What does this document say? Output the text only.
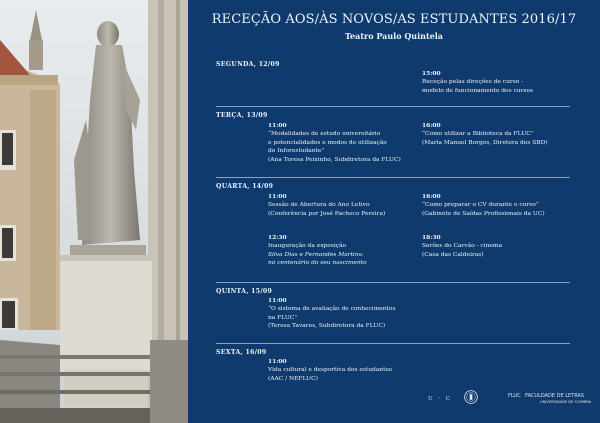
RECEÇÃO AOS/ÀS NOVOS/AS ESTUDANTES 2016/17
Teatro Paulo Quintela
SEGUNDA, 12/09
15:00
Receção pelas direções de curso -
modelo de funcionamento dos cursos
TERÇA, 13/09
11:00
“Modalidades de estudo universitário
e potencialidades e modos de utilização
do Inforestudante”
(Ana Teresa Peixinho, Subdiretora da FLUC)
16:00
“Como utilizar a Biblioteca da FLUC”
(Maria Manuel Borges, Diretora dos SBD)
QUARTA, 14/09
11:00
Sessão de Abertura do Ano Letivo
(Conferência por José Pacheco Pereira)
16:00
“Como preparar o CV durante o curso”
(Gabinete de Saídas Profissionais da UC)
12:30
Inauguração da exposição
Silva Dias e Fernandes Martins:
no centenário do seu nascimento
18:30
Serões do Carvão - cinema
(Casa das Caldeiras)
QUINTA, 15/09
11:00
“O sistema de avaliação de conhecimentos
na FLUC”
(Teresa Tavares, Subdiretora da FLUC)
SEXTA, 16/09
11:00
Vida cultural e desportiva dos estudantes
(AAC / NEFLUC)
U · C	FLUC FACULDADE DE LETRAS
UNIVERSIDADE DE COIMBRA
